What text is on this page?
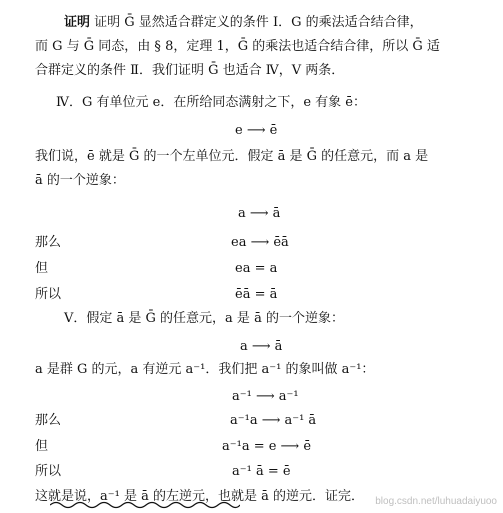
证明 证明 Ḡ 显然适合群定义的条件 I．G 的乘法适合结合律，
而 G 与 Ḡ 同态，由 § 8，定理 1，Ḡ 的乘法也适合结合律，所以 Ḡ 适
合群定义的条件 Ⅱ．我们证明 Ḡ 也适合 Ⅳ，Ⅴ 两条．
Ⅳ．G 有单位元 e．在所给同态满射之下，e 有象 ē：
e ⟶ ē
我们说，ē 就是 Ḡ 的一个左单位元．假定 ā 是 Ḡ 的任意元，而 a 是
ā 的一个逆象：
a ⟶ ā
那么	ea ⟶ ēā
但	ea = a
所以	ēā = ā
Ⅴ．假定 ā 是 Ḡ 的任意元，a 是 ā 的一个逆象：
a ⟶ ā
a 是群 G 的元，a 有逆元 a⁻¹．我们把 a⁻¹ 的象叫做 a⁻¹：
a⁻¹ ⟶ a⁻¹
那么	a⁻¹a ⟶ a⁻¹ ā
但	a⁻¹a = e ⟶ ē
所以	a⁻¹ ā = ē
这就是说，a⁻¹ 是 ā 的左逆元，也就是 ā 的逆元．证完． blog.csdn.net/luhuadaiyuoo
